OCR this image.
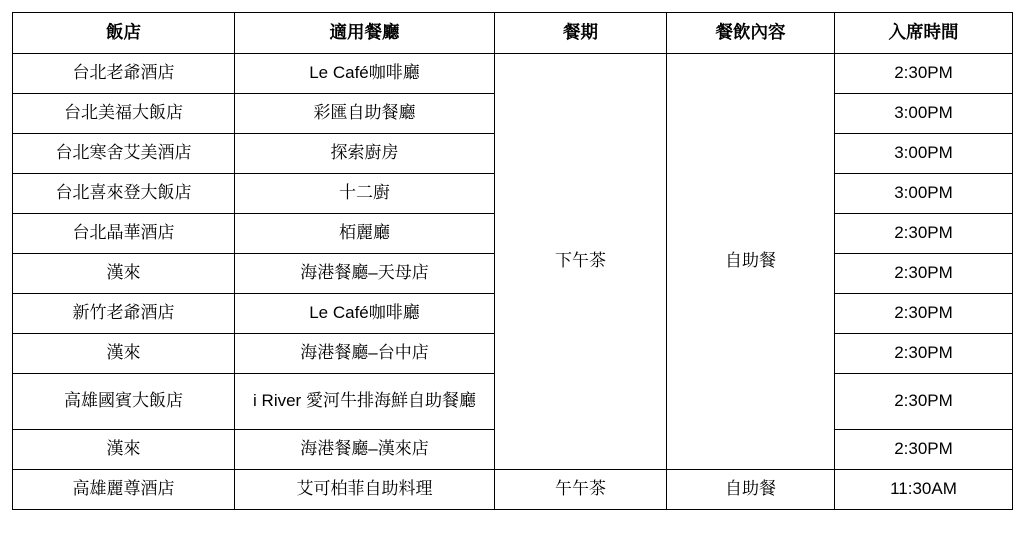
飯店	適用餐廳	餐期	餐飲內容	入席時間
台北老爺酒店	Le Café咖啡廳	下午茶	自助餐	2:30PM
台北美福大飯店	彩匯自助餐廳			3:00PM
台北寒舍艾美酒店	探索廚房			3:00PM
台北喜來登大飯店	十二廚			3:00PM
台北晶華酒店	栢麗廳			2:30PM
漢來	海港餐廳–天母店			2:30PM
新竹老爺酒店	Le Café咖啡廳			2:30PM
漢來	海港餐廳–台中店			2:30PM
高雄國賓大飯店	i River 愛河牛排海鮮自助餐廳			2:30PM
漢來	海港餐廳–漢來店			2:30PM
高雄麗尊酒店	艾可柏菲自助料理	午午茶	自助餐	11:30AM
